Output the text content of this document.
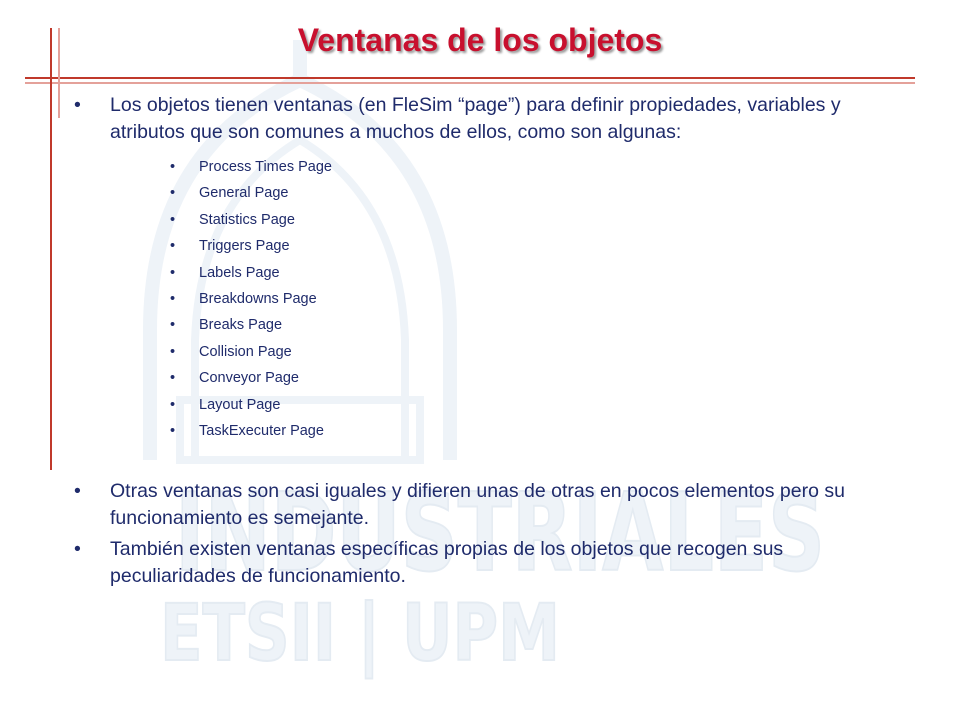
INDUSTRIALES
ETSII | UPM
Ventanas de los objetos
• Los objetos tienen ventanas (en FleSim “page”) para definir propiedades, variables y atributos que son comunes a muchos de ellos, como son algunas:
• Process Times Page
• General Page
• Statistics Page
• Triggers Page
• Labels Page
• Breakdowns Page
• Breaks Page
• Collision Page
• Conveyor Page
• Layout Page
• TaskExecuter Page
• Otras ventanas son casi iguales y difieren unas de otras en pocos elementos pero su funcionamiento es semejante.
• También existen ventanas específicas propias de los objetos que recogen sus peculiaridades de funcionamiento.
